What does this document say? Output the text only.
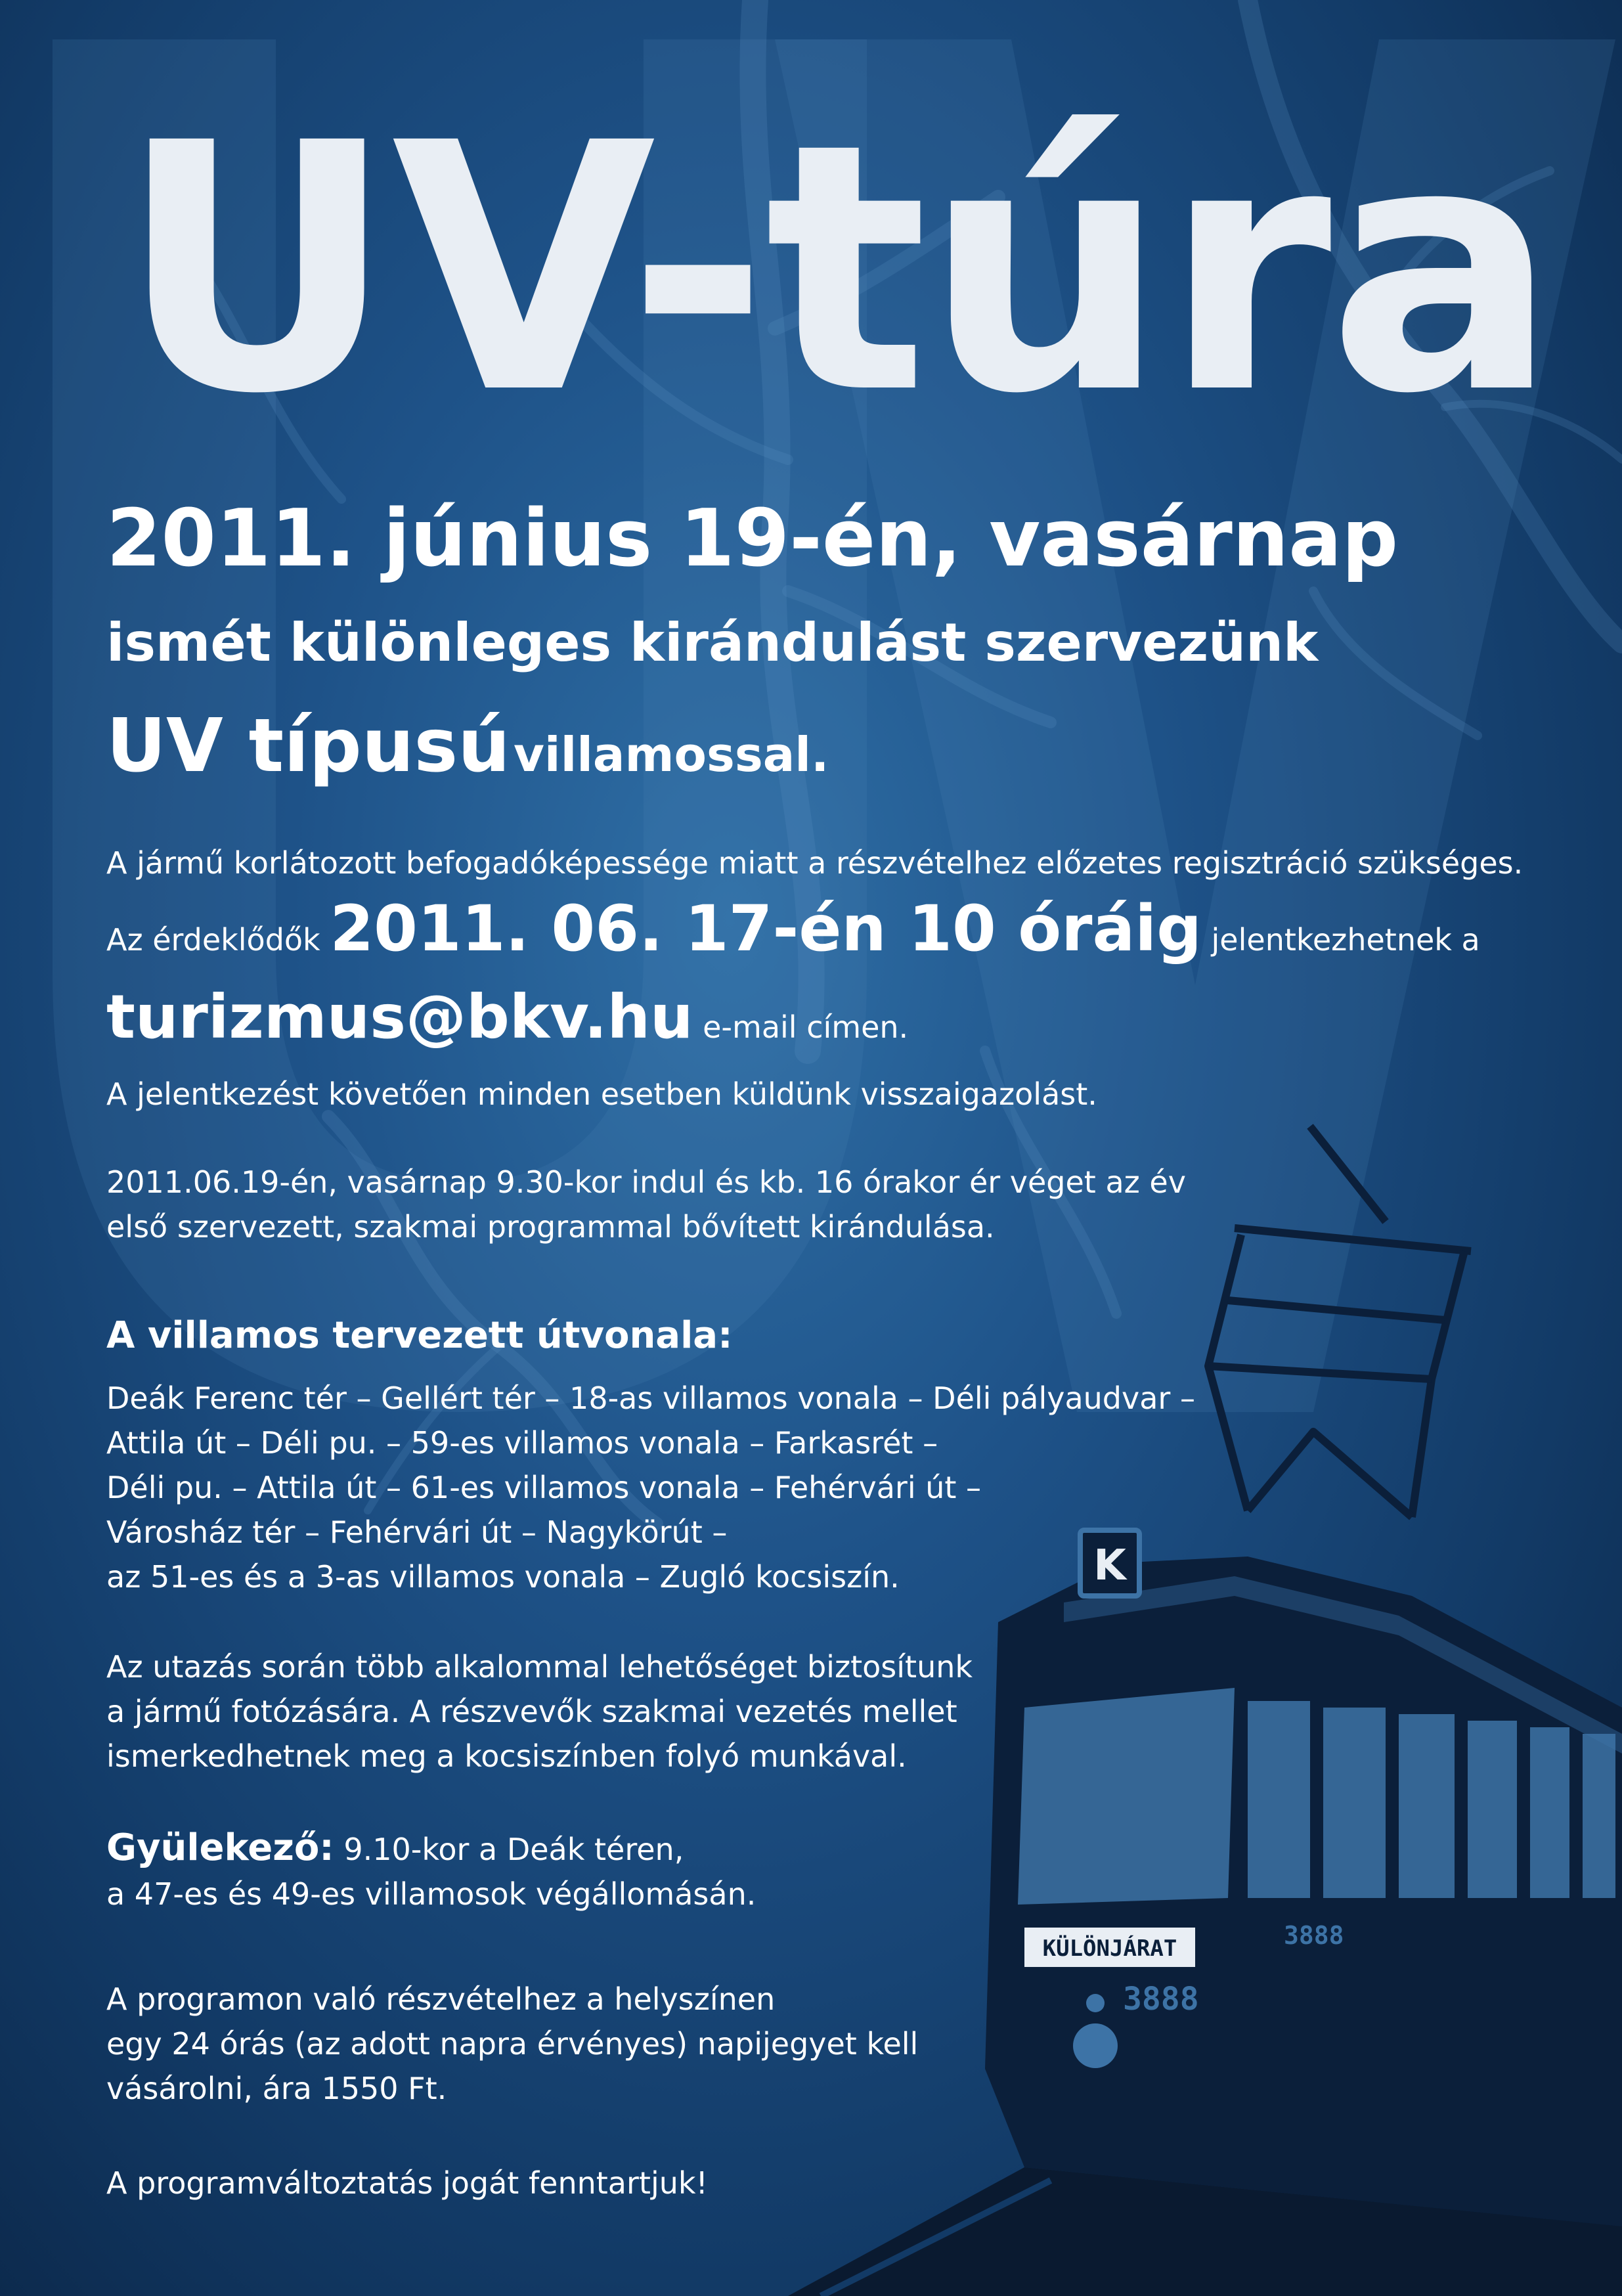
K
KÜLÖNJÁRAT	3888
3888
UV-túra
2011. június 19-én, vasárnap
ismét különleges kirándulást szervezünk
UV típusú villamossal.
A jármű korlátozott befogadóképessége miatt a részvételhez előzetes regisztráció szükséges.
Az érdeklődők 2011. 06. 17-én 10 óráig jelentkezhetnek a
turizmus@bkv.hu e-mail címen.
A jelentkezést követően minden esetben küldünk visszaigazolást.
2011.06.19-én, vasárnap 9.30-kor indul és kb. 16 órakor ér véget az év
első szervezett, szakmai programmal bővített kirándulása.
A villamos tervezett útvonala:
Deák Ferenc tér – Gellért tér – 18-as villamos vonala – Déli pályaudvar –
Attila út – Déli pu. – 59-es villamos vonala – Farkasrét –
Déli pu. – Attila út – 61-es villamos vonala – Fehérvári út –
Városház tér – Fehérvári út – Nagykörút –
az 51-es és a 3-as villamos vonala – Zugló kocsiszín.
Az utazás során több alkalommal lehetőséget biztosítunk
a jármű fotózására. A részvevők szakmai vezetés mellet
ismerkedhetnek meg a kocsiszínben folyó munkával.
Gyülekező: 9.10-kor a Deák téren,
a 47-es és 49-es villamosok végállomásán.
A programon való részvételhez a helyszínen
egy 24 órás (az adott napra érvényes) napijegyet kell
vásárolni, ára 1550 Ft.
A programváltoztatás jogát fenntartjuk!
